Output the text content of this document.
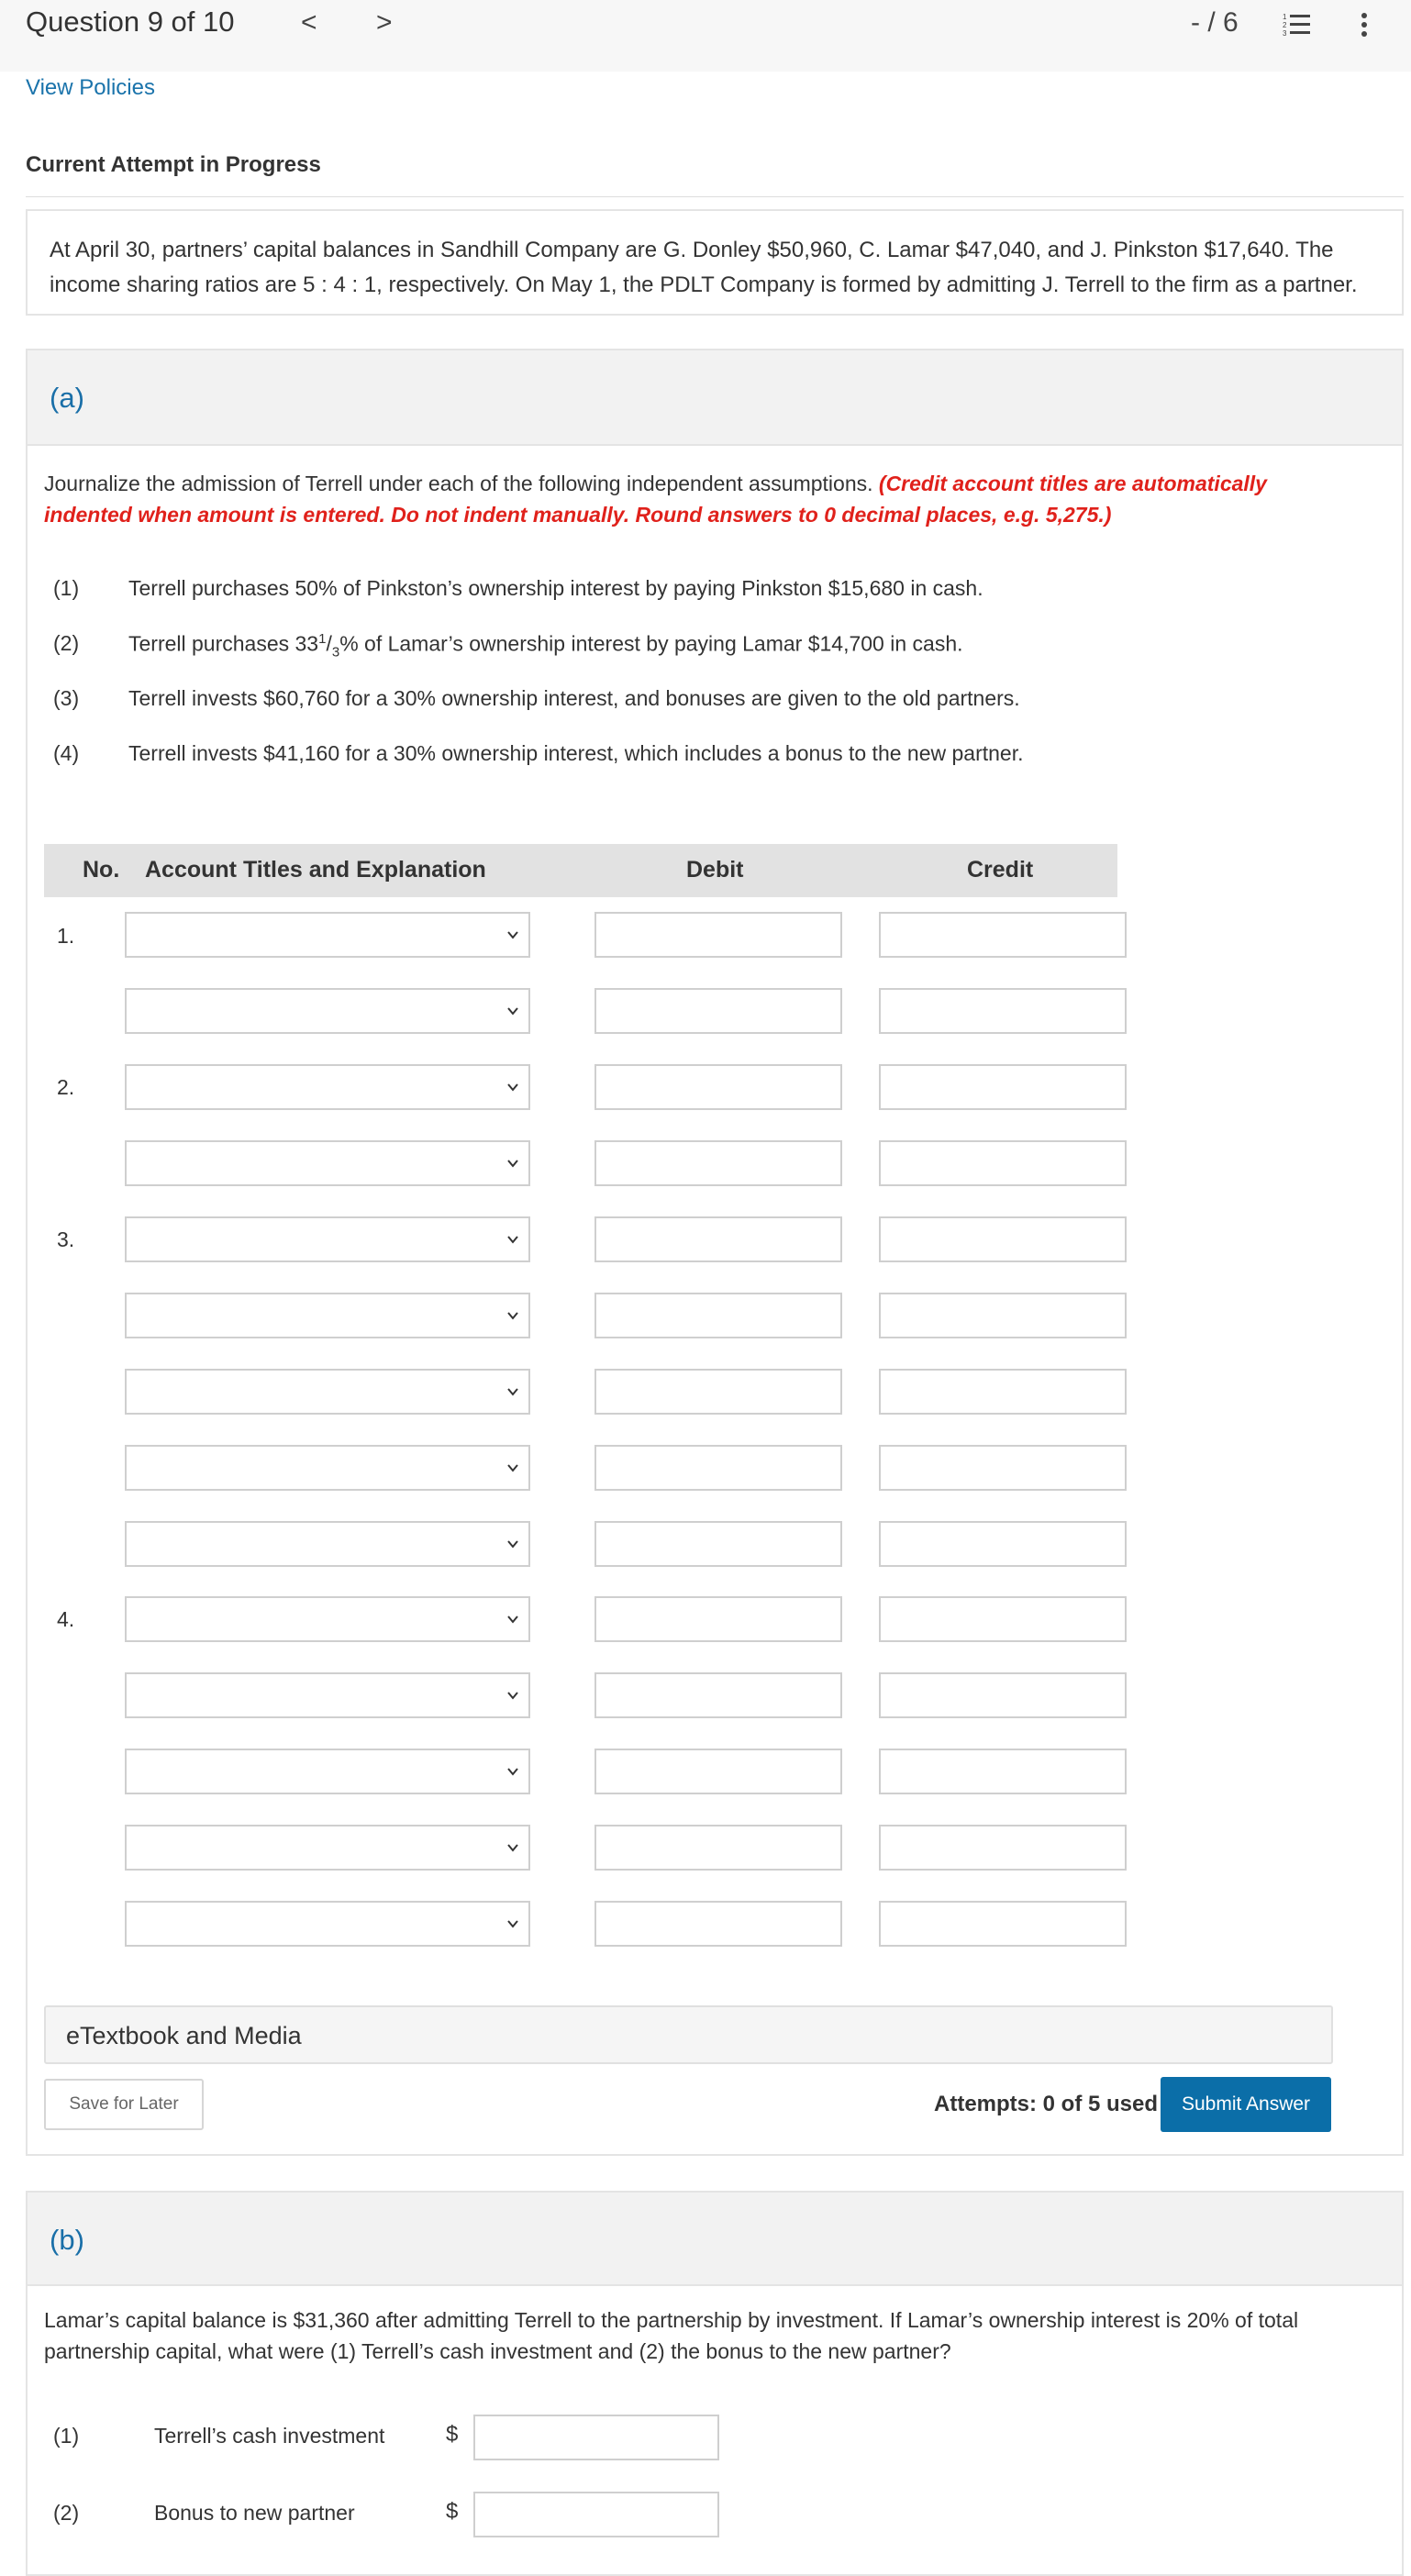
Question 9 of 10 < >	- / 6	1
2
3
View Policies
Current Attempt in Progress
At April 30, partners’ capital balances in Sandhill Company are G. Donley $50,960, C. Lamar $47,040, and J. Pinkston $17,640. The income sharing ratios are 5 : 4 : 1, respectively. On May 1, the PDLT Company is formed by admitting J. Terrell to the firm as a partner.
(a)
Journalize the admission of Terrell under each of the following independent assumptions. (Credit account titles are automatically indented when amount is entered. Do not indent manually. Round answers to 0 decimal places, e.g. 5,275.)
(1) Terrell purchases 50% of Pinkston’s ownership interest by paying Pinkston $15,680 in cash.
(2) Terrell purchases $33^1/_3\%$ of Lamar’s ownership interest by paying Lamar $14,700 in cash.
(3) Terrell invests $60,760 for a 30% ownership interest, and bonuses are given to the old partners.
(4) Terrell invests $41,160 for a 30% ownership interest, which includes a bonus to the new partner.
No. Account Titles and Explanation	Debit	Credit
1.
2.
3.
4.
eTextbook and Media
Save for Later	Attempts: 0 of 5 used	Submit Answer
(b)
Lamar’s capital balance is $31,360 after admitting Terrell to the partnership by investment. If Lamar’s ownership interest is 20% of total partnership capital, what were (1) Terrell’s cash investment and (2) the bonus to the new partner?
(1)	Terrell’s cash investment	$
(2)	Bonus to new partner	$
